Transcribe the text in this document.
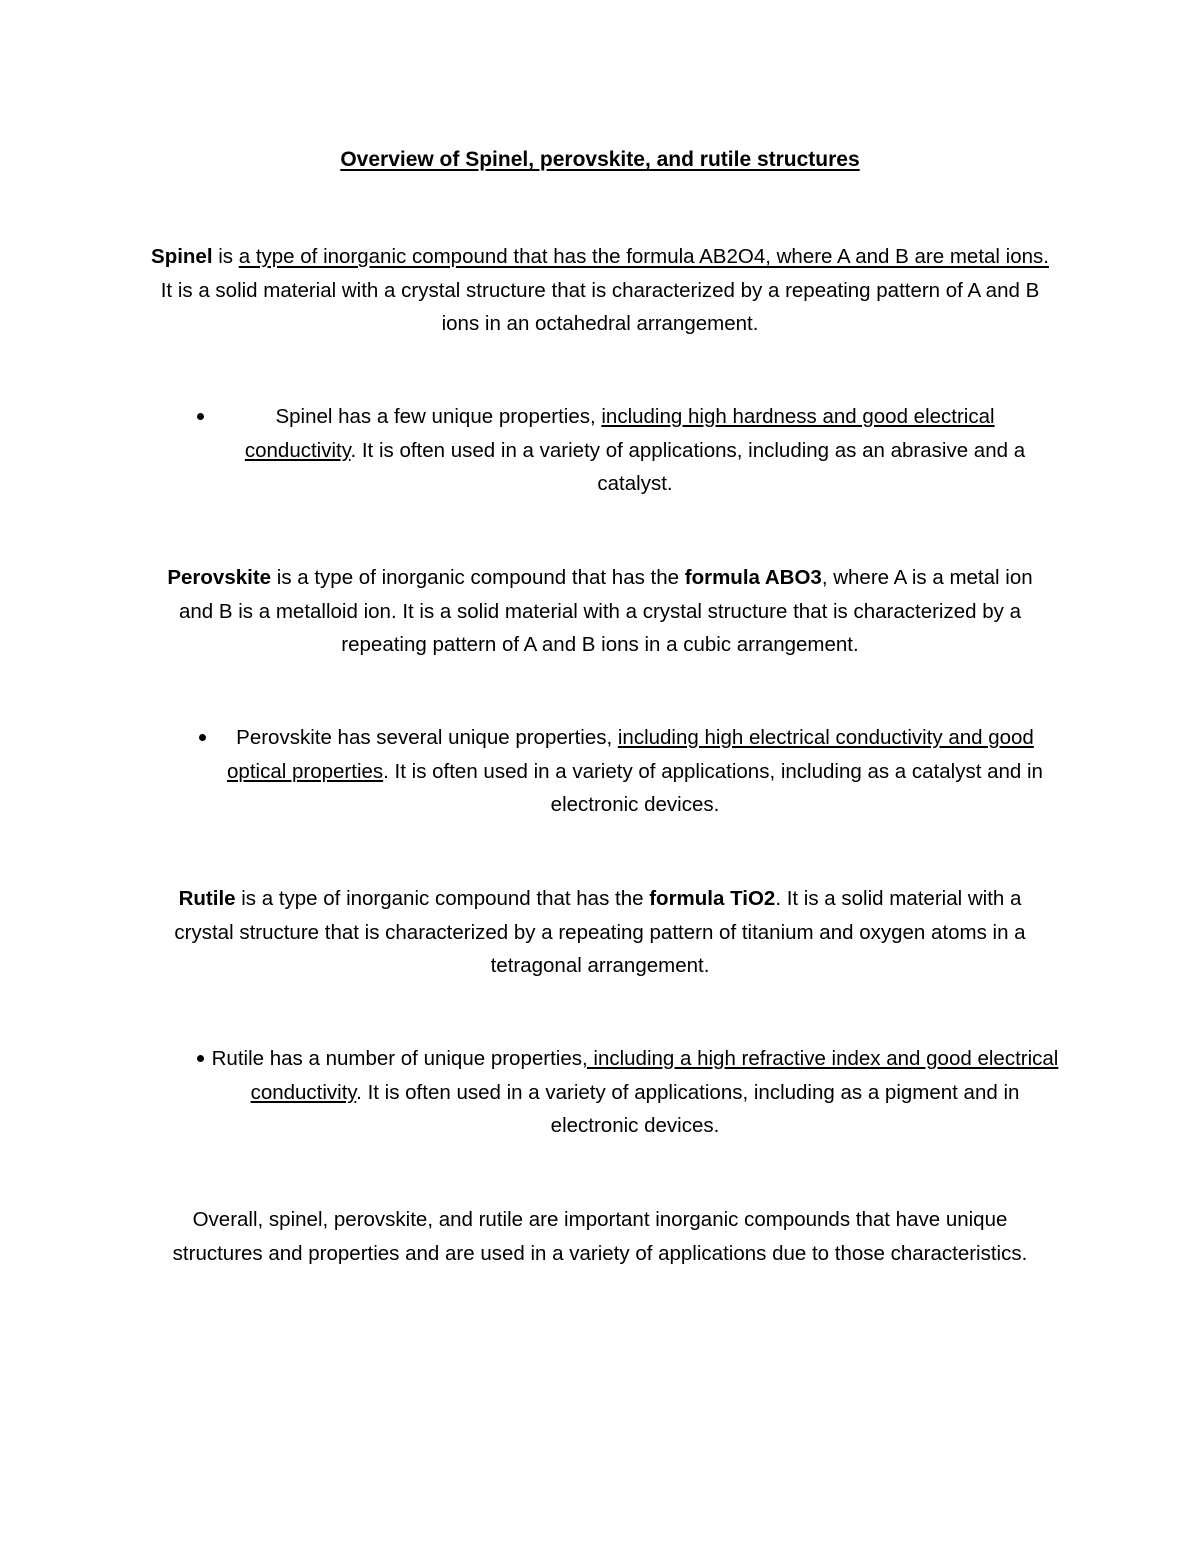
Overview of Spinel, perovskite, and rutile structures
Spinel is a type of inorganic compound that has the formula AB2O4, where A and B are metal ions. It is a solid material with a crystal structure that is characterized by a repeating pattern of A and B ions in an octahedral arrangement.
Spinel has a few unique properties, including high hardness and good electrical conductivity. It is often used in a variety of applications, including as an abrasive and a catalyst.
Perovskite is a type of inorganic compound that has the formula ABO3, where A is a metal ion and B is a metalloid ion. It is a solid material with a crystal structure that is characterized by a repeating pattern of A and B ions in a cubic arrangement.
Perovskite has several unique properties, including high electrical conductivity and good optical properties. It is often used in a variety of applications, including as a catalyst and in electronic devices.
Rutile is a type of inorganic compound that has the formula TiO2. It is a solid material with a crystal structure that is characterized by a repeating pattern of titanium and oxygen atoms in a tetragonal arrangement.
Rutile has a number of unique properties, including a high refractive index and good electrical conductivity. It is often used in a variety of applications, including as a pigment and in electronic devices.
Overall, spinel, perovskite, and rutile are important inorganic compounds that have unique structures and properties and are used in a variety of applications due to those characteristics.
